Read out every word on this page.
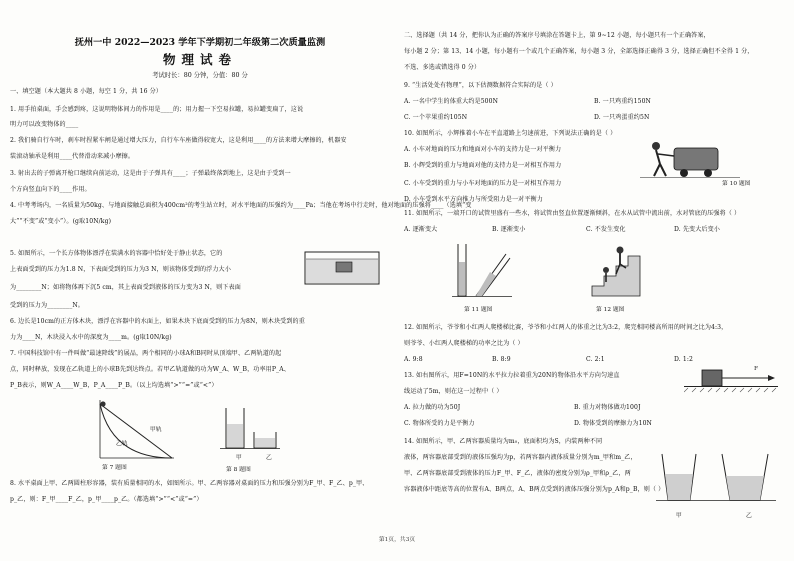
抚州一中 2022—2023 学年下学期初二年级第二次质量监测
物理试卷
考试时长：80 分钟，分值：80 分
一、填空题（本大题共 8 小题，每空 1 分，共 16 分）
1. 用手拍桌面，手会感到疼，这说明物体间力的作用是____的；用力握一下空易拉罐，易拉罐变扁了，这说
明力可以改变物体的____
2. 我们骑自行车时，刹车时捏紧车闸是通过增大压力，自行车车座做得较宽大，这是利用____的方法来增大摩擦的，机器安
装滚动轴承是利用____代替滑动来减小摩擦。
3. 射出去的子弹离开枪口继续向前运动，这是由于子弹具有____；子弹最终落到地上，这是由于受到一
个方向竖直向下的____作用。
4. 中考考场内，一名质量为50kg、与地面接触总面积为400cm²的考生站立时，对水平地面的压强约为____Pa；当他在考场中行走时，他对地面的压强将____（选填“变
大”“不变”或“变小”）。(g取10N/kg)
5. 如图所示，一个长方体物体漂浮在装满水的容器中恰好处于静止状态，它的
上表面受到的压力为1.8 N，下表面受到的压力为3 N，则该物体受到的浮力大小
为________N；如将物体再下沉5 cm，其上表面受到液体的压力变为3 N，则下表面
受到的压力为________N。
6. 边长是10cm的正方体木块，漂浮在容器中的水面上，如果木块下底面受到的压力为8N，则木块受到的重
力为____N，木块浸入水中的深度为____m。(g取10N/kg)
7. 中国科技馆中有一件叫做“最速降线”的展品，两个相同的小球A和B同时从顶端甲、乙两轨道的起
点，同时释放，发现在乙轨道上的小球B先到达终点。若甲乙轨道做的功为W_A、W_B，功率用P_A、
P_B表示，则W_A____W_B，P_A____P_B。（以上均选填“>”“=”或“<”）
8. 水平桌面上甲、乙两圆柱形容器，装有质量相同的水，如图所示。甲、乙两容器对桌面的压力和压强分别为F_甲、F_乙、p_甲、
p_乙，则：F_甲____F_乙，p_甲____p_乙。（都选填“>”“<”或“=”）
甲轨
乙轨
第 7 题图
甲	乙
第 8 题图
二、选择题（共 14 分，把你认为正确的答案序号填涂在答题卡上，第 9~12 小题，每小题只有一个正确答案，
每小题 2 分；第 13、14 小题，每小题有一个或几个正确答案，每小题 3 分，全部选择正确得 3 分，选择正确但不全得 1 分，
不选、多选或错选得 0 分）
9. “生活处处有物理”，以下估测数据符合实际的是（ ）
A. 一名中学生的体重大约是500N	B. 一只鸡重约150N
C. 一个苹果重约105N	D. 一只鸡蛋重约5N
10. 如图所示，小辉推着小车在平直道路上匀速前进，下列说法正确的是（ ）
A. 小车对地面的压力和地面对小车的支持力是一对平衡力
B. 小辉受到的重力与地面对他的支持力是一对相互作用力
C. 小车受到的重力与小车对地面的压力是一对相互作用力
D. 小车受到水平方向推力与所受阻力是一对平衡力
11. 如图所示，一端开口的试管里盛有一些水，将试管由竖直位置逐渐倾斜，在水从试管中流出前，水对管底的压强将（ ）
A. 逐渐变大	B. 逐渐变小	C. 不发生变化	D. 先变大后变小
12. 如图所示，爷爷和小红两人爬楼梯比赛，爷爷和小红两人的体重之比为3:2，爬完相同楼高所用的时间之比为4:3，
则爷爷、小红两人爬楼梯的功率之比为（ ）
A. 9:8	B. 8:9	C. 2:1	D. 1:2
13. 如右图所示，用F=10N的水平拉力拉着重为20N的物体沿水平方向匀速直
线运动了5m，则在这一过程中（ ）
A. 拉力做的功为50J	B. 重力对物体做功100J
C. 物体所受的力是平衡力	D. 物体受到的摩擦力为10N
14. 如图所示，甲、乙两容器质量均为m₀，底面积均为S，内装两种不同
液体，两容器底部受到的液体压强均为p，若两容器内液体质量分别为m_甲和m_乙，
甲、乙两容器底部受到液体的压力F_甲、F_乙，液体的密度分别为ρ_甲和ρ_乙，两
容器液体中距底等高的位置有A、B两点，A、B两点受到的液体压强分别为p_A和p_B，则（ ）
第 10 题图
第 11 题图	第 12 题图
F
甲	乙
第1页，共3页
